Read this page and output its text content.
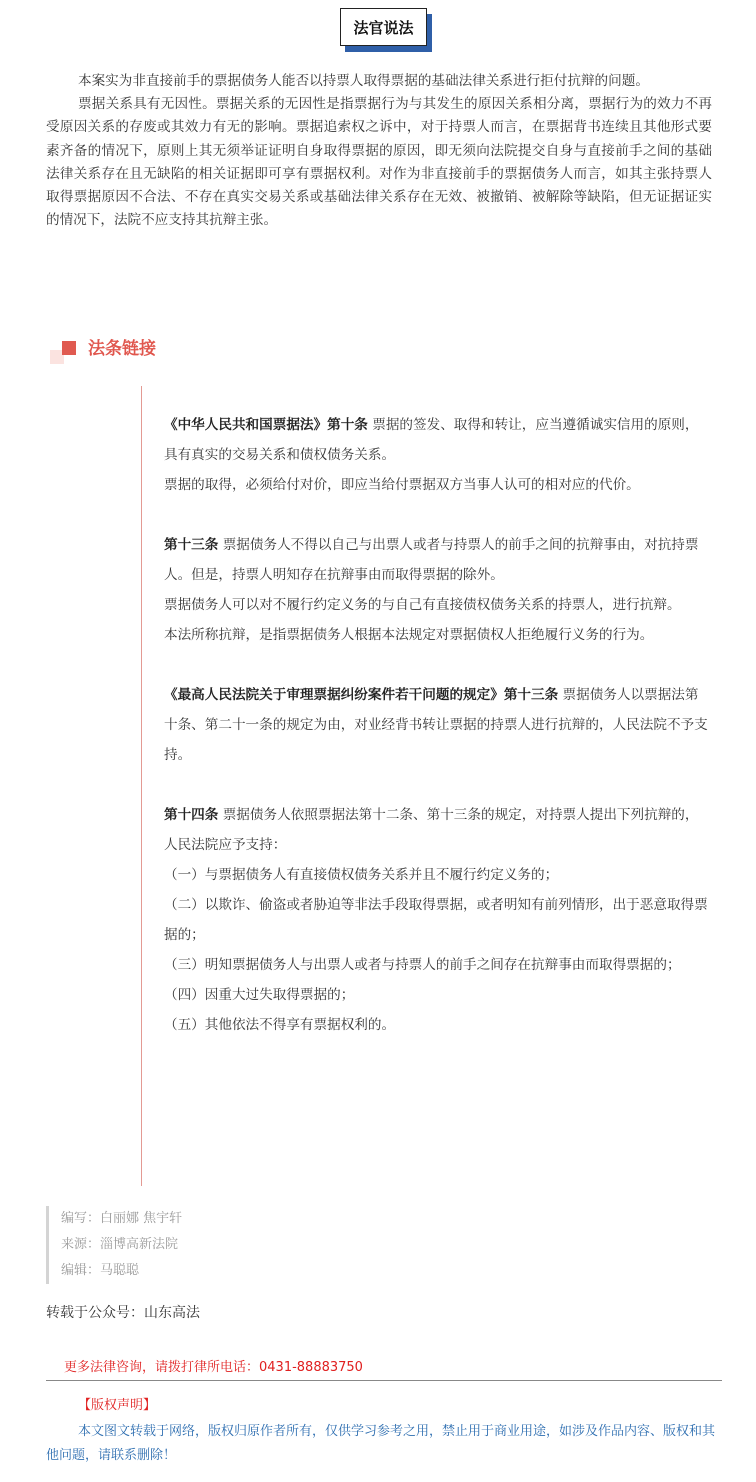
法官说法

本案实为非直接前手的票据债务人能否以持票人取得票据的基础法律关系进行拒付抗辩的问题。

票据关系具有无因性。票据关系的无因性是指票据行为与其发生的原因关系相分离，票据行为的效力不再受原因关系的存废或其效力有无的影响。票据追索权之诉中，对于持票人而言，在票据背书连续且其他形式要素齐备的情况下，原则上其无须举证证明自身取得票据的原因，即无须向法院提交自身与直接前手之间的基础法律关系存在且无缺陷的相关证据即可享有票据权利。对作为非直接前手的票据债务人而言，如其主张持票人取得票据原因不合法、不存在真实交易关系或基础法律关系存在无效、被撤销、被解除等缺陷，但无证据证实的情况下，法院不应支持其抗辩主张。

法条链接

《中华人民共和国票据法》第十条 票据的签发、取得和转让，应当遵循诚实信用的原则，具有真实的交易关系和债权债务关系。

票据的取得，必须给付对价，即应当给付票据双方当事人认可的相对应的代价。

第十三条 票据债务人不得以自己与出票人或者与持票人的前手之间的抗辩事由，对抗持票人。但是，持票人明知存在抗辩事由而取得票据的除外。

票据债务人可以对不履行约定义务的与自己有直接债权债务关系的持票人，进行抗辩。

本法所称抗辩，是指票据债务人根据本法规定对票据债权人拒绝履行义务的行为。

《最高人民法院关于审理票据纠纷案件若干问题的规定》第十三条 票据债务人以票据法第十条、第二十一条的规定为由，对业经背书转让票据的持票人进行抗辩的，人民法院不予支持。

第十四条 票据债务人依照票据法第十二条、第十三条的规定，对持票人提出下列抗辩的，人民法院应予支持：

（一）与票据债务人有直接债权债务关系并且不履行约定义务的；

（二）以欺诈、偷盗或者胁迫等非法手段取得票据，或者明知有前列情形，出于恶意取得票据的；

（三）明知票据债务人与出票人或者与持票人的前手之间存在抗辩事由而取得票据的；

（四）因重大过失取得票据的；

（五）其他依法不得享有票据权利的。

编写：白丽娜 焦宇轩
来源：淄博高新法院
编辑：马聪聪
转载于公众号：山东高法
更多法律咨询，请拨打律所电话：0431-88883750
【版权声明】
本文图文转载于网络，版权归原作者所有，仅供学习参考之用，禁止用于商业用途，如涉及作品内容、版权和其他问题，请联系删除！
